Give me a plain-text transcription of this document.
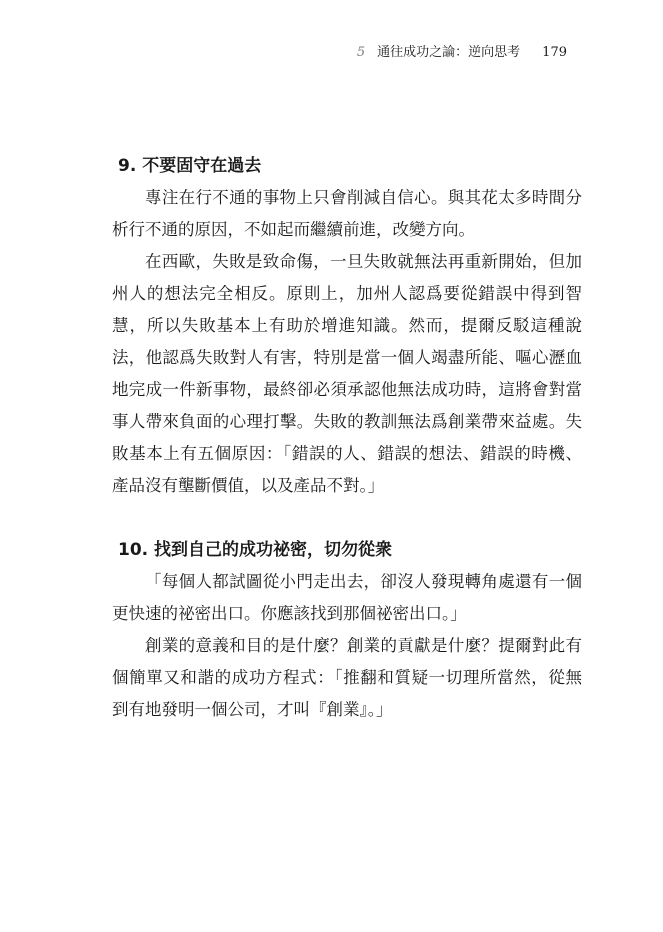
5 通往成功之論：逆向思考 179
9. 不要固守在過去

專注在行不通的事物上只會削減自信心。與其花太多時間分析行不通的原因，不如起而繼續前進，改變方向。

在西歐，失敗是致命傷，一旦失敗就無法再重新開始，但加州人的想法完全相反。原則上，加州人認爲要從錯誤中得到智慧，所以失敗基本上有助於增進知識。然而，提爾反駁這種說法，他認爲失敗對人有害，特別是當一個人竭盡所能、嘔心瀝血地完成一件新事物，最終卻必須承認他無法成功時，這將會對當事人帶來負面的心理打擊。失敗的教訓無法爲創業帶來益處。失敗基本上有五個原因：「錯誤的人、錯誤的想法、錯誤的時機、產品沒有壟斷價值，以及產品不對。」

10. 找到自己的成功祕密，切勿從衆

「每個人都試圖從小門走出去，卻沒人發現轉角處還有一個更快速的祕密出口。你應該找到那個祕密出口。」

創業的意義和目的是什麼？創業的貢獻是什麼？提爾對此有個簡單又和諧的成功方程式：「推翻和質疑一切理所當然，從無到有地發明一個公司，才叫『創業』。」
